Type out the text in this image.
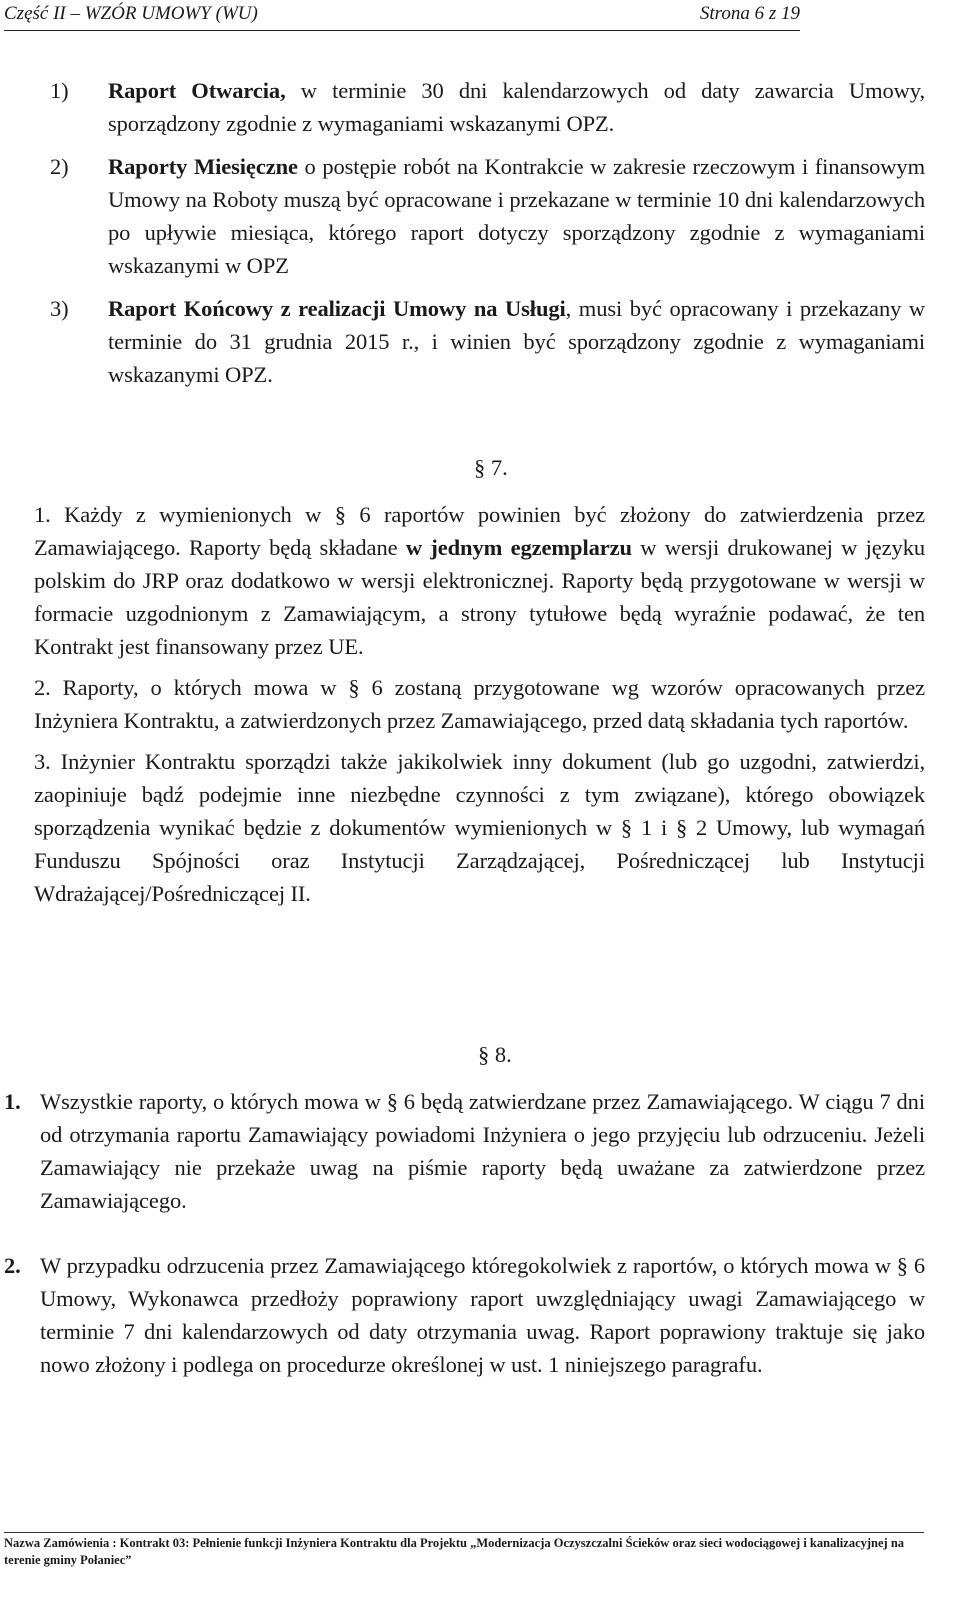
Część II – WZÓR UMOWY (WU)	Strona 6 z 19
1)	Raport Otwarcia, w terminie 30 dni kalendarzowych od daty zawarcia Umowy, sporządzony zgodnie z wymaganiami wskazanymi OPZ.
2)	Raporty Miesięczne o postępie robót na Kontrakcie w zakresie rzeczowym i finansowym Umowy na Roboty muszą być opracowane i przekazane w terminie 10 dni kalendarzowych po upływie miesiąca, którego raport dotyczy sporządzony zgodnie z wymaganiami wskazanymi w OPZ
3)	Raport Końcowy z realizacji Umowy na Usługi, musi być opracowany i przekazany w terminie do 31 grudnia 2015 r., i winien być sporządzony zgodnie z wymaganiami wskazanymi OPZ.
§ 7.

1. Każdy z wymienionych w § 6 raportów powinien być złożony do zatwierdzenia przez Zamawiającego. Raporty będą składane w jednym egzemplarzu w wersji drukowanej w języku polskim do JRP oraz dodatkowo w wersji elektronicznej. Raporty będą przygotowane w wersji w formacie uzgodnionym z Zamawiającym, a strony tytułowe będą wyraźnie podawać, że ten Kontrakt jest finansowany przez UE.

2. Raporty, o których mowa w § 6 zostaną przygotowane wg wzorów opracowanych przez Inżyniera Kontraktu, a zatwierdzonych przez Zamawiającego, przed datą składania tych raportów.

3. Inżynier Kontraktu sporządzi także jakikolwiek inny dokument (lub go uzgodni, zatwierdzi, zaopiniuje bądź podejmie inne niezbędne czynności z tym związane), którego obowiązek sporządzenia wynikać będzie z dokumentów wymienionych w § 1 i § 2 Umowy, lub wymagań Funduszu Spójności oraz Instytucji Zarządzającej, Pośredniczącej lub Instytucji Wdrażającej/Pośredniczącej II.

§ 8.
1. Wszystkie raporty, o których mowa w § 6 będą zatwierdzane przez Zamawiającego. W ciągu 7 dni od otrzymania raportu Zamawiający powiadomi Inżyniera o jego przyjęciu lub odrzuceniu. Jeżeli Zamawiający nie przekaże uwag na piśmie raporty będą uważane za zatwierdzone przez Zamawiającego.
2. W przypadku odrzucenia przez Zamawiającego któregokolwiek z raportów, o których mowa w § 6 Umowy, Wykonawca przedłoży poprawiony raport uwzględniający uwagi Zamawiającego w terminie 7 dni kalendarzowych od daty otrzymania uwag. Raport poprawiony traktuje się jako nowo złożony i podlega on procedurze określonej w ust. 1 niniejszego paragrafu.
Nazwa Zamówienia : Kontrakt 03: Pełnienie funkcji Inżyniera Kontraktu dla Projektu „Modernizacja Oczyszczalni Ścieków oraz sieci wodociągowej i kanalizacyjnej na terenie gminy Połaniec”
